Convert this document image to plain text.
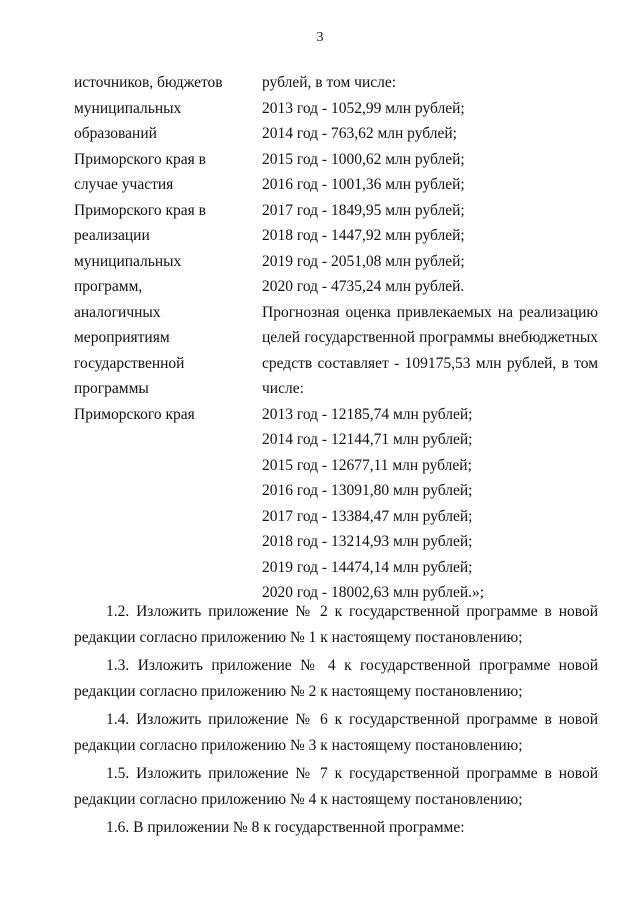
3
источников, бюджетов
муниципальных
образований
Приморского края в
случае участия
Приморского края в
реализации
муниципальных
программ,
аналогичных
мероприятиям
государственной
программы
Приморского края
рублей, в том числе:
2013 год - 1052,99 млн рублей;
2014 год - 763,62 млн рублей;
2015 год - 1000,62 млн рублей;
2016 год - 1001,36 млн рублей;
2017 год - 1849,95 млн рублей;
2018 год - 1447,92 млн рублей;
2019 год - 2051,08 млн рублей;
2020 год - 4735,24 млн рублей.
Прогнозная оценка привлекаемых на реализацию
целей государственной программы внебюджетных
средств составляет - 109175,53 млн рублей, в том
числе:
2013 год - 12185,74 млн рублей;
2014 год - 12144,71 млн рублей;
2015 год - 12677,11 млн рублей;
2016 год - 13091,80 млн рублей;
2017 год - 13384,47 млн рублей;
2018 год - 13214,93 млн рублей;
2019 год - 14474,14 млн рублей;
2020 год - 18002,63 млн рублей.»;
1.2. Изложить приложение № 2 к государственной программе в новой
редакции согласно приложению № 1 к настоящему постановлению;
1.3. Изложить приложение № 4 к государственной программе новой
редакции согласно приложению № 2 к настоящему постановлению;
1.4. Изложить приложение № 6 к государственной программе в новой
редакции согласно приложению № 3 к настоящему постановлению;
1.5. Изложить приложение № 7 к государственной программе в новой
редакции согласно приложению № 4 к настоящему постановлению;
1.6. В приложении № 8 к государственной программе:
